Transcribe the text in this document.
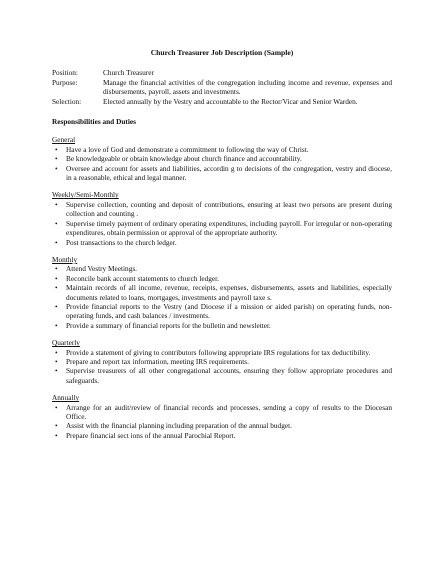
Church Treasurer Job Description (Sample)
Position:	Church Treasurer
Purpose:	Manage the financial activities of the congregation including income and revenue, expenses and disbursements, payroll, assets and investments.
Selection:	Elected annually by the Vestry and accountable to the Rector/Vicar and Senior Warden.
Responsibilities and Duties
General
• Have a love of God and demonstrate a commitment to following the way of Christ.
• Be knowledgeable or obtain knowledge about church finance and accountability.
• Oversee and account for assets and liabilities, accordin g to decisions of the congregation, vestry and diocese, in a reasonable, ethical and legal manner.
Weekly/Semi-Monthly
• Supervise collection, counting and deposit of contributions, ensuring at least two persons are present during collection and counting .
• Supervise timely payment of ordinary operating expenditures, including payroll. For irregular or non-operating expenditures, obtain permission or approval of the appropriate authority.
• Post transactions to the church ledger.
Monthly
• Attend Vestry Meetings.
• Reconcile bank account statements to church ledger.
• Maintain records of all income, revenue, receipts, expenses, disbursements, assets and liabilities, especially documents related to loans, mortgages, investments and payroll taxe s.
• Provide financial reports to the Vestry (and Diocese if a mission or aided parish) on operating funds, non-operating funds, and cash balances / investments.
• Provide a summary of financial reports for the bulletin and newsletter.
Quarterly
• Provide a statement of giving to contributors following appropriate IRS regulations for tax deductibility.
• Prepare and report tax information, meeting IRS requirements.
• Supervise treasurers of all other congregational accounts, ensuring they follow appropriate procedures and safeguards.
Annually
• Arrange for an audit/review of financial records and processes, sending a copy of results to the Diocesan Office.
• Assist with the financial planning including preparation of the annual budget.
• Prepare financial sect ions of the annual Parochial Report.
